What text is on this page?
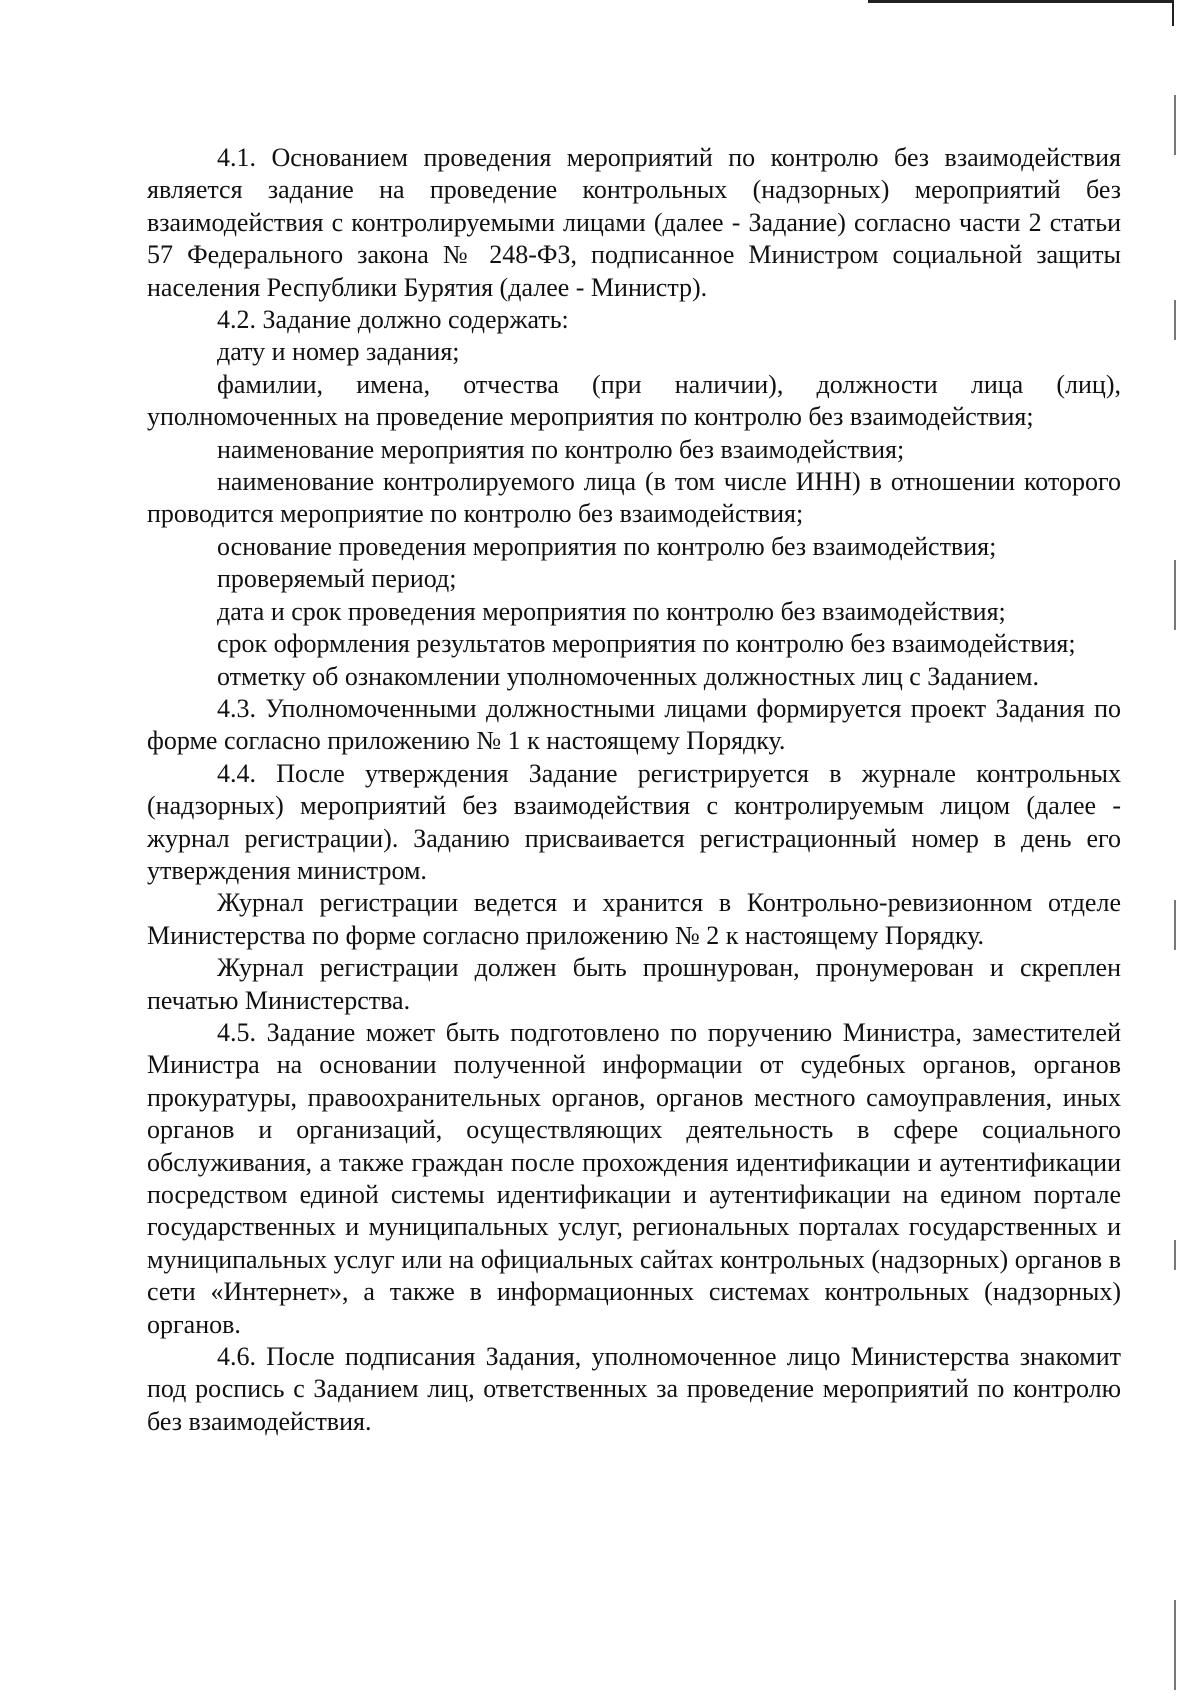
4.1. Основанием проведения мероприятий по контролю без взаимодействия является задание на проведение контрольных (надзорных) мероприятий без взаимодействия с контролируемыми лицами (далее - Задание) согласно части 2 статьи 57 Федерального закона № 248-ФЗ, подписанное Министром социальной защиты населения Республики Бурятия (далее - Министр).

4.2. Задание должно содержать:

дату и номер задания;

фамилии, имена, отчества (при наличии), должности лица (лиц), уполномоченных на проведение мероприятия по контролю без взаимодействия;

наименование мероприятия по контролю без взаимодействия;

наименование контролируемого лица (в том числе ИНН) в отношении которого проводится мероприятие по контролю без взаимодействия;

основание проведения мероприятия по контролю без взаимодействия;

проверяемый период;

дата и срок проведения мероприятия по контролю без взаимодействия;

срок оформления результатов мероприятия по контролю без взаимодействия;

отметку об ознакомлении уполномоченных должностных лиц с Заданием.

4.3. Уполномоченными должностными лицами формируется проект Задания по форме согласно приложению № 1 к настоящему Порядку.

4.4. После утверждения Задание регистрируется в журнале контрольных (надзорных) мероприятий без взаимодействия с контролируемым лицом (далее - журнал регистрации). Заданию присваивается регистрационный номер в день его утверждения министром.

Журнал регистрации ведется и хранится в Контрольно-ревизионном отделе Министерства по форме согласно приложению № 2 к настоящему Порядку.

Журнал регистрации должен быть прошнурован, пронумерован и скреплен печатью Министерства.

4.5. Задание может быть подготовлено по поручению Министра, заместителей Министра на основании полученной информации от судебных органов, органов прокуратуры, правоохранительных органов, органов местного самоуправления, иных органов и организаций, осуществляющих деятельность в сфере социального обслуживания, а также граждан после прохождения идентификации и аутентификации посредством единой системы идентификации и аутентификации на едином портале государственных и муниципальных услуг, региональных порталах государственных и муниципальных услуг или на официальных сайтах контрольных (надзорных) органов в сети «Интернет», а также в информационных системах контрольных (надзорных) органов.

4.6. После подписания Задания, уполномоченное лицо Министерства знакомит под роспись с Заданием лиц, ответственных за проведение мероприятий по контролю без взаимодействия.
